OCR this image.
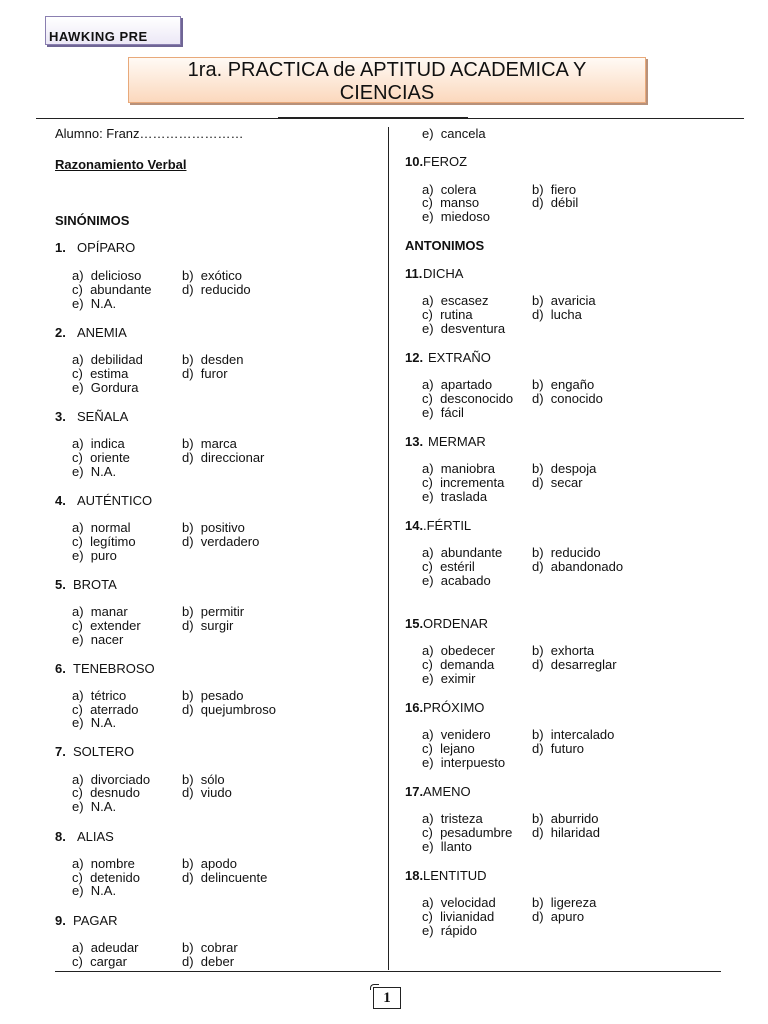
HAWKING PRE
1ra. PRACTICA de APTITUD ACADEMICA Y
CIENCIAS
Alumno: Franz……………………
Razonamiento Verbal
SINÓNIMOS
ANTONIMOS
1. OPÍPARO
a)  delicioso	b)  exótico
c)  abundante d)  reducido
e)  N.A.
2. ANEMIA
a)  debilidad	b)  desden
c)  estima	d)  furor
e)  Gordura
3. SEÑALA
a)  indica	b)  marca
c)  oriente	d)  direccionar
e)  N.A.
4. AUTÉNTICO
a)  normal	b)  positivo
c)  legítimo	d)  verdadero
e)  puro
5. BROTA
a)  manar	b)  permitir
c)  extender	d)  surgir
e)  nacer
6. TENEBROSO
a)  tétrico	b)  pesado
c)  aterrado	d)  quejumbroso
e)  N.A.
7. SOLTERO
a)  divorciado b)  sólo
c)  desnudo	d)  viudo
e)  N.A.
8. ALIAS
a)  nombre	b)  apodo
c)  detenido	d)  delincuente
e)  N.A.
9. PAGAR
a)  adeudar	b)  cobrar
c)  cargar	d)  deber
e)  cancela
10. FEROZ
a)  colera	b)  fiero
c)  manso	d)  débil
e)  miedoso
11. DICHA
a)  escasez	b)  avaricia
c)  rutina	d)  lucha
e)  desventura
12. EXTRAÑO
a)  apartado	b)  engaño
c)  desconocido d)  conocido
e)  fácil
13. MERMAR
a)  maniobra	b)  despoja
c)  incrementa d)  secar
e)  traslada
14. .FÉRTIL
a)  abundante b)  reducido
c)  estéril	d)  abandonado
e)  acabado
15. ORDENAR
a)  obedecer	b)  exhorta
c)  demanda	d)  desarreglar
e)  eximir
16. PRÓXIMO
a)  venidero	b)  intercalado
c)  lejano	d)  futuro
e)  interpuesto
17. AMENO
a)  tristeza	b)  aburrido
c)  pesadumbre d)  hilaridad
e)  llanto
18. LENTITUD
a)  velocidad	b)  ligereza
c)  livianidad	d)  apuro
e)  rápido
1
